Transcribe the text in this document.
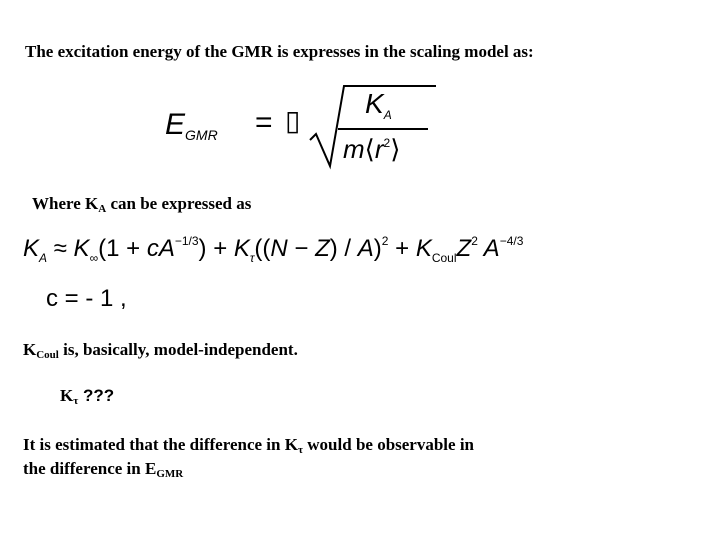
The excitation energy of the GMR is expresses in the scaling model as:
$E_{GMR}$ = ▯
$K_A$
$m⟨r^2⟩$
Where $K_A$ can be expressed as
$K_A \approx K_\infty(1 + cA^{-1/3}) + K_\tau((N - Z) / A)^2 + K_{Coul}Z^2$ $A^{-4/3}$
c = - 1 ,
$K_{Coul}$ is, basically, model-independent.
$K_\tau$ ???
It is estimated that the difference in $K_\tau$ would be observable in
the difference in $E_{GMR}$
